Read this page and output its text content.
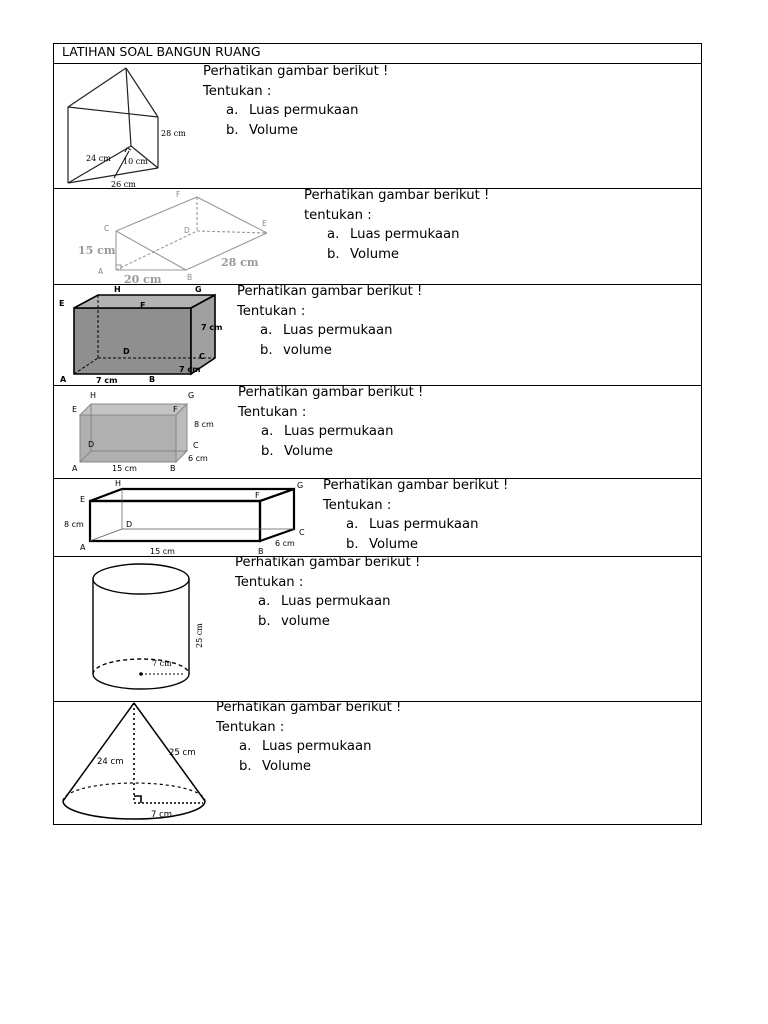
LATIHAN SOAL BANGUN RUANG
28 cm
24 cm 10 cm
26 cm
Perhatikan gambar berikut !
Tentukan :
a. Luas permukaan
b. Volume
C
F
E
D
A
B
15 cm
20 cm
28 cm
Perhatikan gambar berikut !
tentukan :
a. Luas permukaan
b. Volume
E
H
F
G
D
C
A	B
7 cm
7 cm
7 cm
Perhatikan gambar berikut !
Tentukan :
a. Luas permukaan
b. volume
E
H
F
G
D	C
A	B
8 cm
15 cm
6 cm
Perhatikan gambar berikut !
Tentukan :
a. Luas permukaan
b. Volume
E
H
F
G
D
C
A	B
8 cm
15 cm
6 cm
Perhatikan gambar berikut !
Tentukan :
a. Luas permukaan
b. Volume
7 cm
25 cm
Perhatikan gambar berikut !
Tentukan :
a. Luas permukaan
b. volume
24 cm
25 cm
7 cm
Perhatikan gambar berikut !
Tentukan :
a. Luas permukaan
b. Volume
